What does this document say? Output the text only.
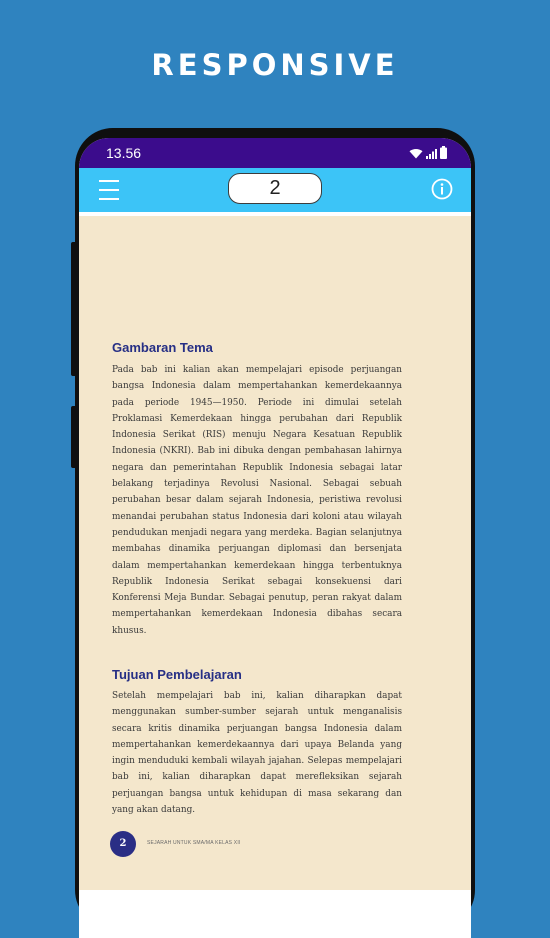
RESPONSIVE
13.56
2
Gambaran Tema

Pada bab ini kalian akan mempelajari episode perjuangan bangsa Indonesia dalam mempertahankan kemerdekaannya pada periode 1945—1950. Periode ini dimulai setelah Proklamasi Kemerdekaan hingga perubahan dari Republik Indonesia Serikat (RIS) menuju Negara Kesatuan Republik Indonesia (NKRI). Bab ini dibuka dengan pembahasan lahirnya negara dan pemerintahan Republik Indonesia sebagai latar belakang terjadinya Revolusi Nasional. Sebagai sebuah perubahan besar dalam sejarah Indonesia, peristiwa revolusi menandai perubahan status Indonesia dari koloni atau wilayah pendudukan menjadi negara yang merdeka. Bagian selanjutnya membahas dinamika perjuangan diplomasi dan bersenjata dalam mempertahankan kemerdekaan hingga terbentuknya Republik Indonesia Serikat sebagai konsekuensi dari Konferensi Meja Bundar. Sebagai penutup, peran rakyat dalam mempertahankan kemerdekaan Indonesia dibahas secara khusus.

Tujuan Pembelajaran

Setelah mempelajari bab ini, kalian diharapkan dapat menggunakan sumber-sumber sejarah untuk menganalisis secara kritis dinamika perjuangan bangsa Indonesia dalam mempertahankan kemerdekaannya dari upaya Belanda yang ingin menduduki kembali wilayah jajahan. Selepas mempelajari bab ini, kalian diharapkan dapat merefleksikan sejarah perjuangan bangsa untuk kehidupan di masa sekarang dan yang akan datang.

2	SEJARAH UNTUK SMA/MA KELAS XII
